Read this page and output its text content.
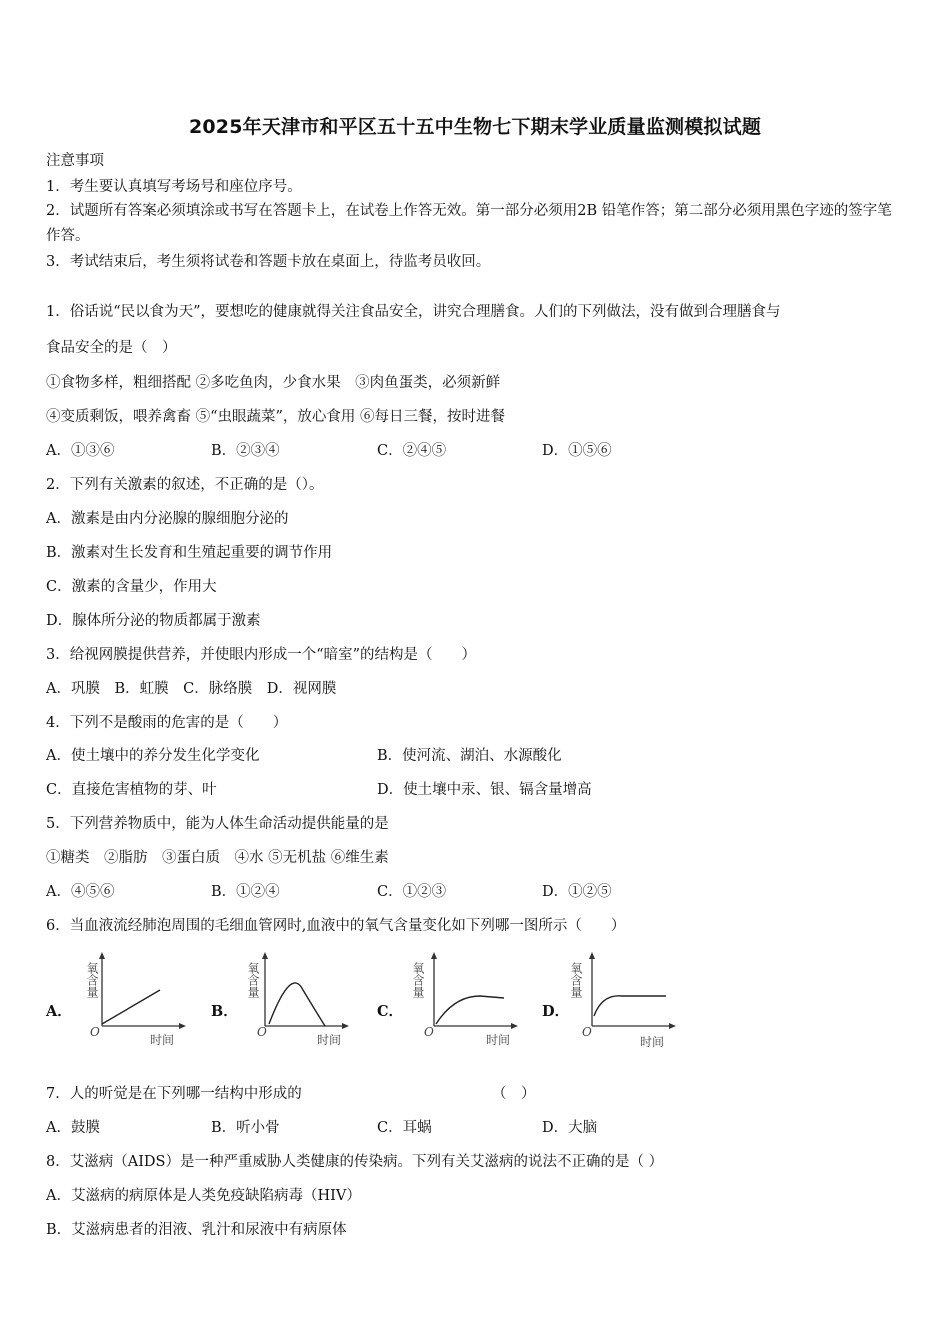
2025年天津市和平区五十五中生物七下期末学业质量监测模拟试题
注意事项
1．考生要认真填写考场号和座位序号。
2．试题所有答案必须填涂或书写在答题卡上，在试卷上作答无效。第一部分必须用2B 铅笔作答；第二部分必须用黑色字迹的签字笔作答。
3．考试结束后，考生须将试卷和答题卡放在桌面上，待监考员收回。
1．俗话说“民以食为天”，要想吃的健康就得关注食品安全，讲究合理膳食。人们的下列做法，没有做到合理膳食与
食品安全的是（　）
①食物多样，粗细搭配 ②多吃鱼肉，少食水果　③肉鱼蛋类，必须新鲜
④变质剩饭，喂养禽畜 ⑤“虫眼蔬菜”，放心食用 ⑥每日三餐，按时进餐
A．①③⑥	B．②③④	C．②④⑤	D．①⑤⑥
2．下列有关激素的叙述，不正确的是（）。
A．激素是由内分泌腺的腺细胞分泌的
B．激素对生长发育和生殖起重要的调节作用
C．激素的含量少，作用大
D．腺体所分泌的物质都属于激素
3．给视网膜提供营养，并使眼内形成一个“暗室”的结构是（　　）
A．巩膜　B．虹膜　C．脉络膜　D．视网膜
4．下列不是酸雨的危害的是（　　）
A．使土壤中的养分发生化学变化	B．使河流、湖泊、水源酸化
C．直接危害植物的芽、叶	D．使土壤中汞、银、镉含量增高
5．下列营养物质中，能为人体生命活动提供能量的是
①糖类　②脂肪　③蛋白质　④水 ⑤无机盐 ⑥维生素
A．④⑤⑥	B．①②④	C．①②③	D．①②⑤
6．当血液流经肺泡周围的毛细血管网时,血液中的氧气含量变化如下列哪一图所示（　　）
A．	B．	C．	D．
氧含量
O
时间
氧含量
O
时间
氧含量
O
时间
氧含量
O
时间
7．人的听觉是在下列哪一结构中形成的	（　）
A．鼓膜	B．听小骨	C．耳蜗	D．大脑
8．艾滋病（AIDS）是一种严重威胁人类健康的传染病。下列有关艾滋病的说法不正确的是（ ）
A．艾滋病的病原体是人类免疫缺陷病毒（HIV）
B．艾滋病患者的泪液、乳汁和尿液中有病原体
